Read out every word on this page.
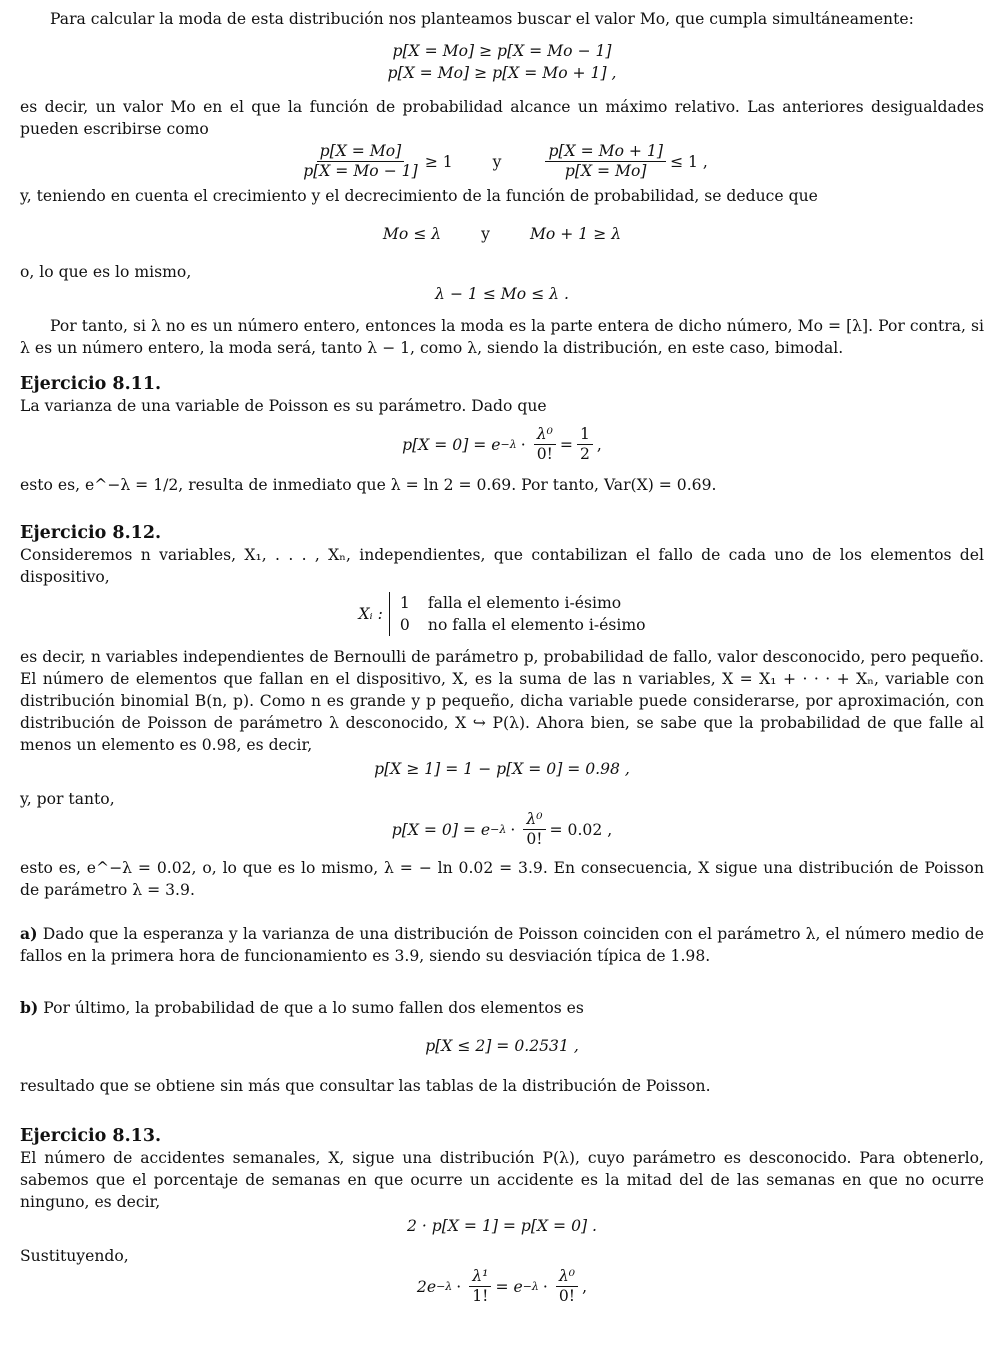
Para calcular la moda de esta distribución nos planteamos buscar el valor Mo, que cumpla simultáneamente:

p[X = Mo] ≥ p[X = Mo − 1]
p[X = Mo] ≥ p[X = Mo + 1] ,

es decir, un valor Mo en el que la función de probabilidad alcance un máximo relativo. Las anteriores desigualdades pueden escribirse como

$\frac{p[X = Mo]}{p[X = Mo - 1]} \ge 1$	y	$\frac{p[X = Mo + 1]}{p[X = Mo]} \le 1$ ,

y, teniendo en cuenta el crecimiento y el decrecimiento de la función de probabilidad, se deduce que

Mo ≤ λ	y	Mo + 1 ≥ λ

o, lo que es lo mismo,

λ − 1 ≤ Mo ≤ λ .

Por tanto, si λ no es un número entero, entonces la moda es la parte entera de dicho número, Mo = [λ]. Por contra, si λ es un número entero, la moda será, tanto λ − 1, como λ, siendo la distribución, en este caso, bimodal.

Ejercicio 8.11.

La varianza de una variable de Poisson es su parámetro. Dado que

$p[X = 0] = e -\lambda \cdot \frac{\text{λ⁰}}{0!} = \frac{1}{2}$ ,

esto es, e^−λ = 1/2, resulta de inmediato que λ = ln 2 = 0.69. Por tanto, Var(X) = 0.69.

Ejercicio 8.12.

Consideremos n variables, X₁, . . . , Xₙ, independientes, que contabilizan el fallo de cada uno de los elementos del dispositivo,

Xᵢ :
1 falla el elemento i-ésimo
0 no falla el elemento i-ésimo

es decir, n variables independientes de Bernoulli de parámetro p, probabilidad de fallo, valor desconocido, pero pequeño. El número de elementos que fallan en el dispositivo, X, es la suma de las n variables, X = X₁ + · · · + Xₙ, variable con distribución binomial B(n, p). Como n es grande y p pequeño, dicha variable puede considerarse, por aproximación, con distribución de Poisson de parámetro λ desconocido, X ↪ P(λ). Ahora bien, se sabe que la probabilidad de que falle al menos un elemento es 0.98, es decir,

p[X ≥ 1] = 1 − p[X = 0] = 0.98 ,

y, por tanto,

$p[X = 0] = e -\lambda \cdot \frac{\text{λ⁰}}{0!} = 0.02$ ,

esto es, e^−λ = 0.02, o, lo que es lo mismo, λ = − ln 0.02 = 3.9. En consecuencia, X sigue una distribución de Poisson de parámetro λ = 3.9.

a) Dado que la esperanza y la varianza de una distribución de Poisson coinciden con el parámetro λ, el número medio de fallos en la primera hora de funcionamiento es 3.9, siendo su desviación típica de 1.98.

b) Por último, la probabilidad de que a lo sumo fallen dos elementos es

p[X ≤ 2] = 0.2531 ,

resultado que se obtiene sin más que consultar las tablas de la distribución de Poisson.

Ejercicio 8.13.

El número de accidentes semanales, X, sigue una distribución P(λ), cuyo parámetro es desconocido. Para obtenerlo, sabemos que el porcentaje de semanas en que ocurre un accidente es la mitad del de las semanas en que no ocurre ninguno, es decir,

2 · p[X = 1] = p[X = 0] .

Sustituyendo,

$2e -\lambda \cdot \frac{\text{λ¹}}{1!} = e -\lambda \cdot \frac{\text{λ⁰}}{0!}$ ,
